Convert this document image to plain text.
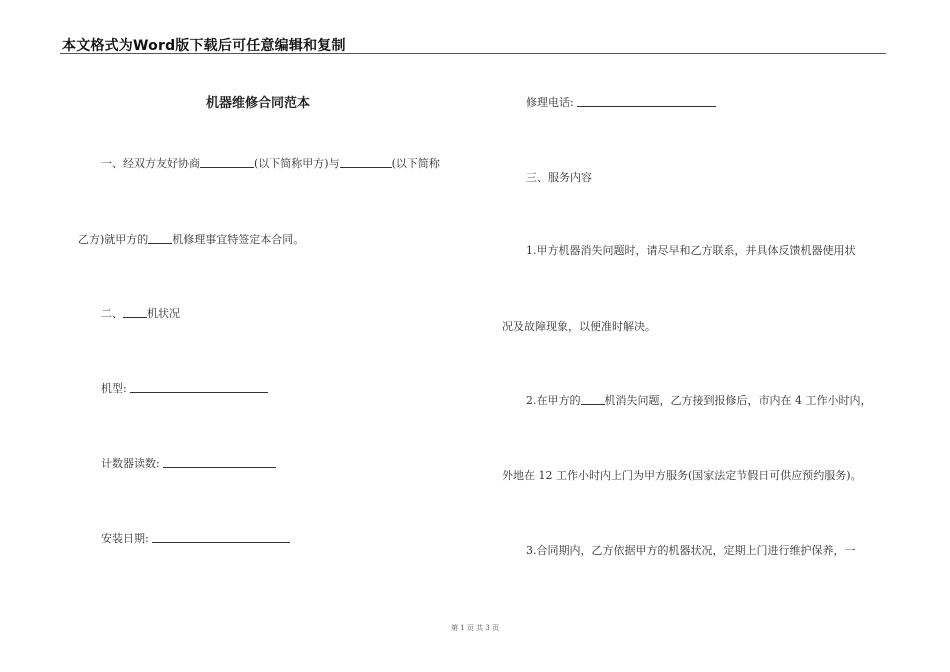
本文格式为Word版下载后可任意编辑和复制
机器维修合同范本
一、经双方友好协商	(以下简称甲方)与	(以下简称
乙方)就甲方的 机修理事宜特签定本合同。
二、 机状况
机型:
计数器读数:
安装日期:
修理电话:
三、服务内容
1.甲方机器消失问题时，请尽早和乙方联系，并具体反馈机器使用状
况及故障现象，以便准时解决。
2.在甲方的 机消失问题，乙方接到报修后，市内在 4 工作小时内，
外地在 12 工作小时内上门为甲方服务(国家法定节假日可供应预约服务)。
3.合同期内，乙方依据甲方的机器状况，定期上门进行维护保养，一
第 1 页 共 3 页
